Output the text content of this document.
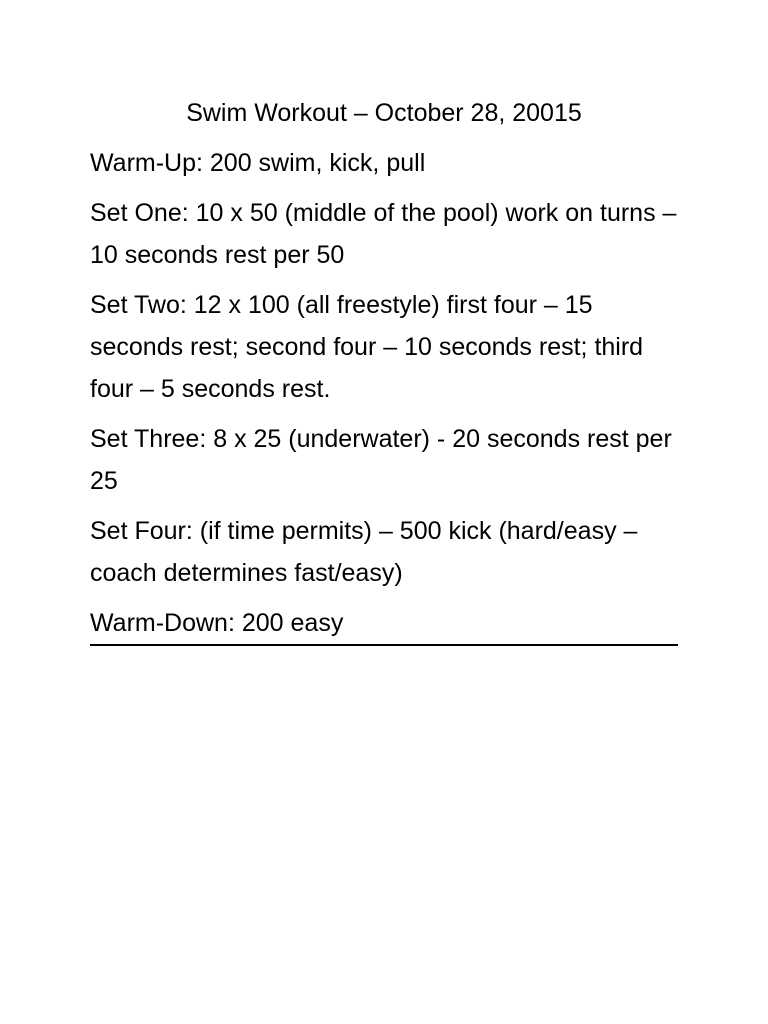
Swim Workout – October 28, 20015
Warm-Up: 200 swim, kick, pull
Set One: 10 x 50 (middle of the pool) work on turns – 10 seconds rest per 50
Set Two: 12 x 100 (all freestyle) first four – 15 seconds rest; second four – 10 seconds rest; third four – 5 seconds rest.
Set Three: 8 x 25 (underwater) - 20 seconds rest per 25
Set Four: (if time permits) – 500 kick (hard/easy – coach determines fast/easy)
Warm-Down: 200 easy
